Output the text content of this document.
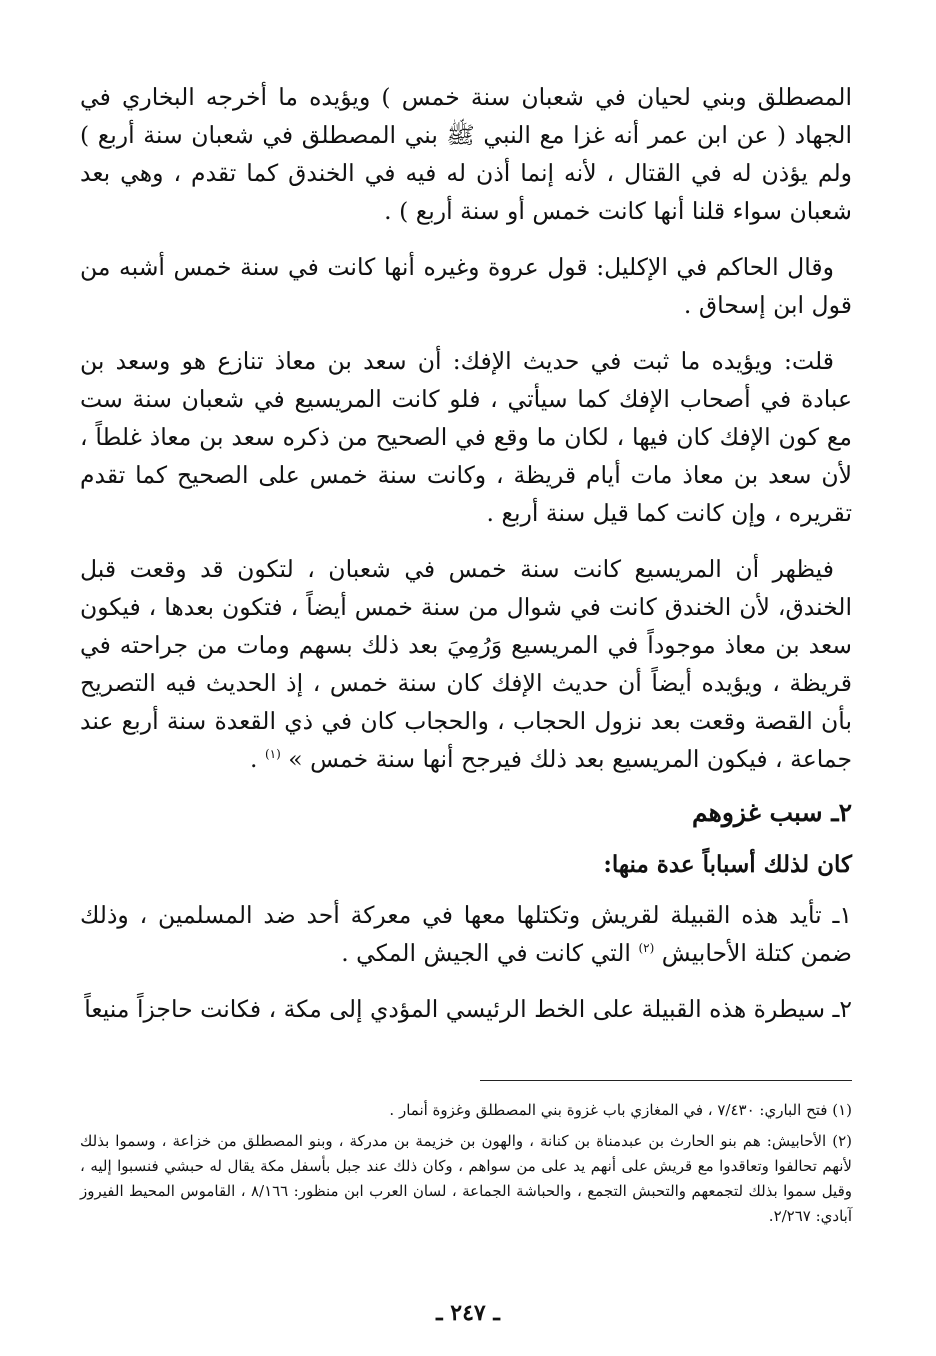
المصطلق وبني لحيان في شعبان سنة خمس ) ويؤيده ما أخرجه البخاري في الجهاد ( عن ابن عمر أنه غزا مع النبي ﷺ بني المصطلق في شعبان سنة أربع ) ولم يؤذن له في القتال ، لأنه إنما أذن له فيه في الخندق كما تقدم ، وهي بعد شعبان سواء قلنا أنها كانت خمس أو سنة أربع ) .

وقال الحاكم في الإكليل: قول عروة وغيره أنها كانت في سنة خمس أشبه من قول ابن إسحاق .

قلت: ويؤيده ما ثبت في حديث الإفك: أن سعد بن معاذ تنازع هو وسعد بن عبادة في أصحاب الإفك كما سيأتي ، فلو كانت المريسيع في شعبان سنة ست مع كون الإفك كان فيها ، لكان ما وقع في الصحيح من ذكره سعد بن معاذ غلطاً ، لأن سعد بن معاذ مات أيام قريظة ، وكانت سنة خمس على الصحيح كما تقدم تقريره ، وإن كانت كما قيل سنة أربع .

فيظهر أن المريسيع كانت سنة خمس في شعبان ، لتكون قد وقعت قبل الخندق، لأن الخندق كانت في شوال من سنة خمس أيضاً ، فتكون بعدها ، فيكون سعد بن معاذ موجوداً في المريسيع وَرُمِيَ بعد ذلك بسهم ومات من جراحته في قريظة ، ويؤيده أيضاً أن حديث الإفك كان سنة خمس ، إذ الحديث فيه التصريح بأن القصة وقعت بعد نزول الحجاب ، والحجاب كان في ذي القعدة سنة أربع عند جماعة ، فيكون المريسيع بعد ذلك فيرجح أنها سنة خمس » $^{(١)}$ .

٢ـ سبب غزوهم
كان لذلك أسباباً عدة منها:

١ـ تأيد هذه القبيلة لقريش وتكتلها معها في معركة أحد ضد المسلمين ، وذلك ضمن كتلة الأحابيش $^{(٢)}$ التي كانت في الجيش المكي .

٢ـ سيطرة هذه القبيلة على الخط الرئيسي المؤدي إلى مكة ، فكانت حاجزاً منيعاً

(١) فتح الباري: ٧/٤٣٠ ، في المغازي باب غزوة بني المصطلق وغزوة أنمار .

(٢) الأحابيش: هم بنو الحارث بن عبدمناة بن كنانة ، والهون بن خزيمة بن مدركة ، وبنو المصطلق من خزاعة ، وسموا بذلك لأنهم تحالفوا وتعاقدوا مع قريش على أنهم يد على من سواهم ، وكان ذلك عند جبل بأسفل مكة يقال له حبشي فنسبوا إليه ، وقيل سموا بذلك لتجمعهم والتحبش التجمع ، والحباشة الجماعة ، لسان العرب ابن منظور: ٨/١٦٦ ، القاموس المحيط الفيروز آبادي: ٢/٢٦٧.

ـ ٢٤٧ ـ
